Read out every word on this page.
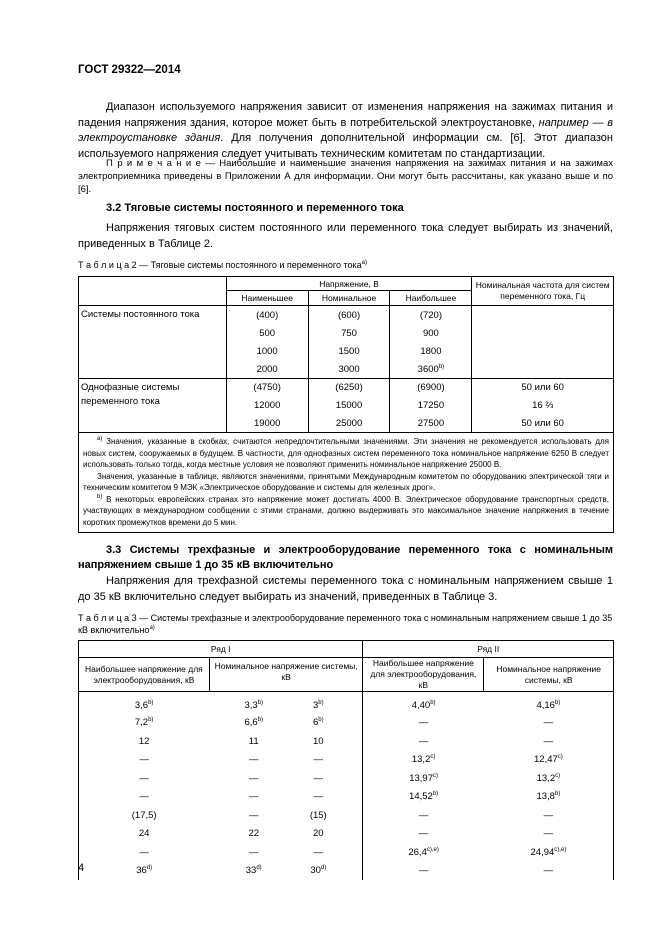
ГОСТ 29322—2014
Диапазон используемого напряжения зависит от изменения напряжения на зажимах питания и падения напряжения здания, которое может быть в потребительской электроустановке, например — в электроустановке здания. Для получения дополнительной информации см. [6]. Этот диапазон используемого напряжения следует учитывать техническим комитетам по стандартизации.
П р и м е ч а н и е — Наибольшие и наименьшие значения напряжения на зажимах питания и на зажимах электроприемника приведены в Приложении А для информации. Они могут быть рассчитаны, как указано выше и по [6].
3.2 Тяговые системы постоянного и переменного тока
Напряжения тяговых систем постоянного или переменного тока следует выбирать из значений, приведенных в Таблице 2.
Т а б л и ц а 2 — Тяговые системы постоянного и переменного тока$^{а)}$
	Напряжение, В			Номинальная частота для систем переменного тока, Гц
	Наименьшее	Номинальное	Наибольшее	
Системы постоянного тока	(400)	(600)	(720)	
	500	750	900	
	1000	1500	1800	
	2000	3000	3600$^{b)}$
Однофазные системы переменного тока	(4750)	(6250)	(6900)	50 или 60
	12000	15000	17250	16 ⅔
	19000	25000	27500	50 или 60

$^{а)}$ Значения, указанные в скобках, считаются непредпочтительными значениями. Эти значения не рекомендуется использовать для новых систем, сооружаемых в будущем. В частности, для однофазных систем переменного тока номинальное напряжение 6250 В следует использовать только тогда, когда местные условия не позволяют применить номинальное напряжение 25000 В.
Значения, указанные в таблице, являются значениями, принятыми Международным комитетом по оборудованию электрической тяги и техническим комитетом 9 МЭК «Электрическое оборудование и системы для железных дрог».
$^{b)}$ В некоторых европейских странах это напряжение может достигать 4000 В. Электрическое оборудование транспортных средств, участвующих в международном сообщении с этими странами, должно выдерживать это максимальное значение напряжения в течение коротких промежутков времени до 5 мин.				
3.3 Системы трехфазные и электрооборудование переменного тока с номинальным напряжением свыше 1 до 35 кВ включительно
Напряжения для трехфазной системы переменного тока с номинальным напряжением свыше 1 до 35 кВ включительно следует выбирать из значений, приведенных в Таблице 3.
Т а б л и ц а 3 — Системы трехфазные и электрооборудование переменного тока с номинальным напряжением свыше 1 до 35 кВ включительно$^{а)}$
Ряд I			Ряд II	
Наибольшее напряжение для электрооборудования, кВ	Номинальное напряжение системы, кВ		Наибольшее напряжение для электрооборудования, кВ	Номинальное напряжение системы, кВ
3,6$^{b)}$	3,3$^{b)}$	3$^{b)}$	4,40$^{b)}$	4,16$^{b)}$
7,2$^{b)}$	6,6$^{b)}$	6$^{b)}$	—	—
12	11	10	—	—
—	—	—	13,2$^{c)}$	12,47$^{c)}$
—	—	—	13,97$^{c)}$	13,2$^{c)}$
—	—	—	14,52$^{b)}$	13,8$^{b)}$
(17,5)	—	(15)	—	—
24	22	20	—	—
—	—	—	$26,4^{c),e)}$	$24,94^{c),e)}$
36$^{d)}$	33$^{d)}$	30$^{d)}$	—	—
4
